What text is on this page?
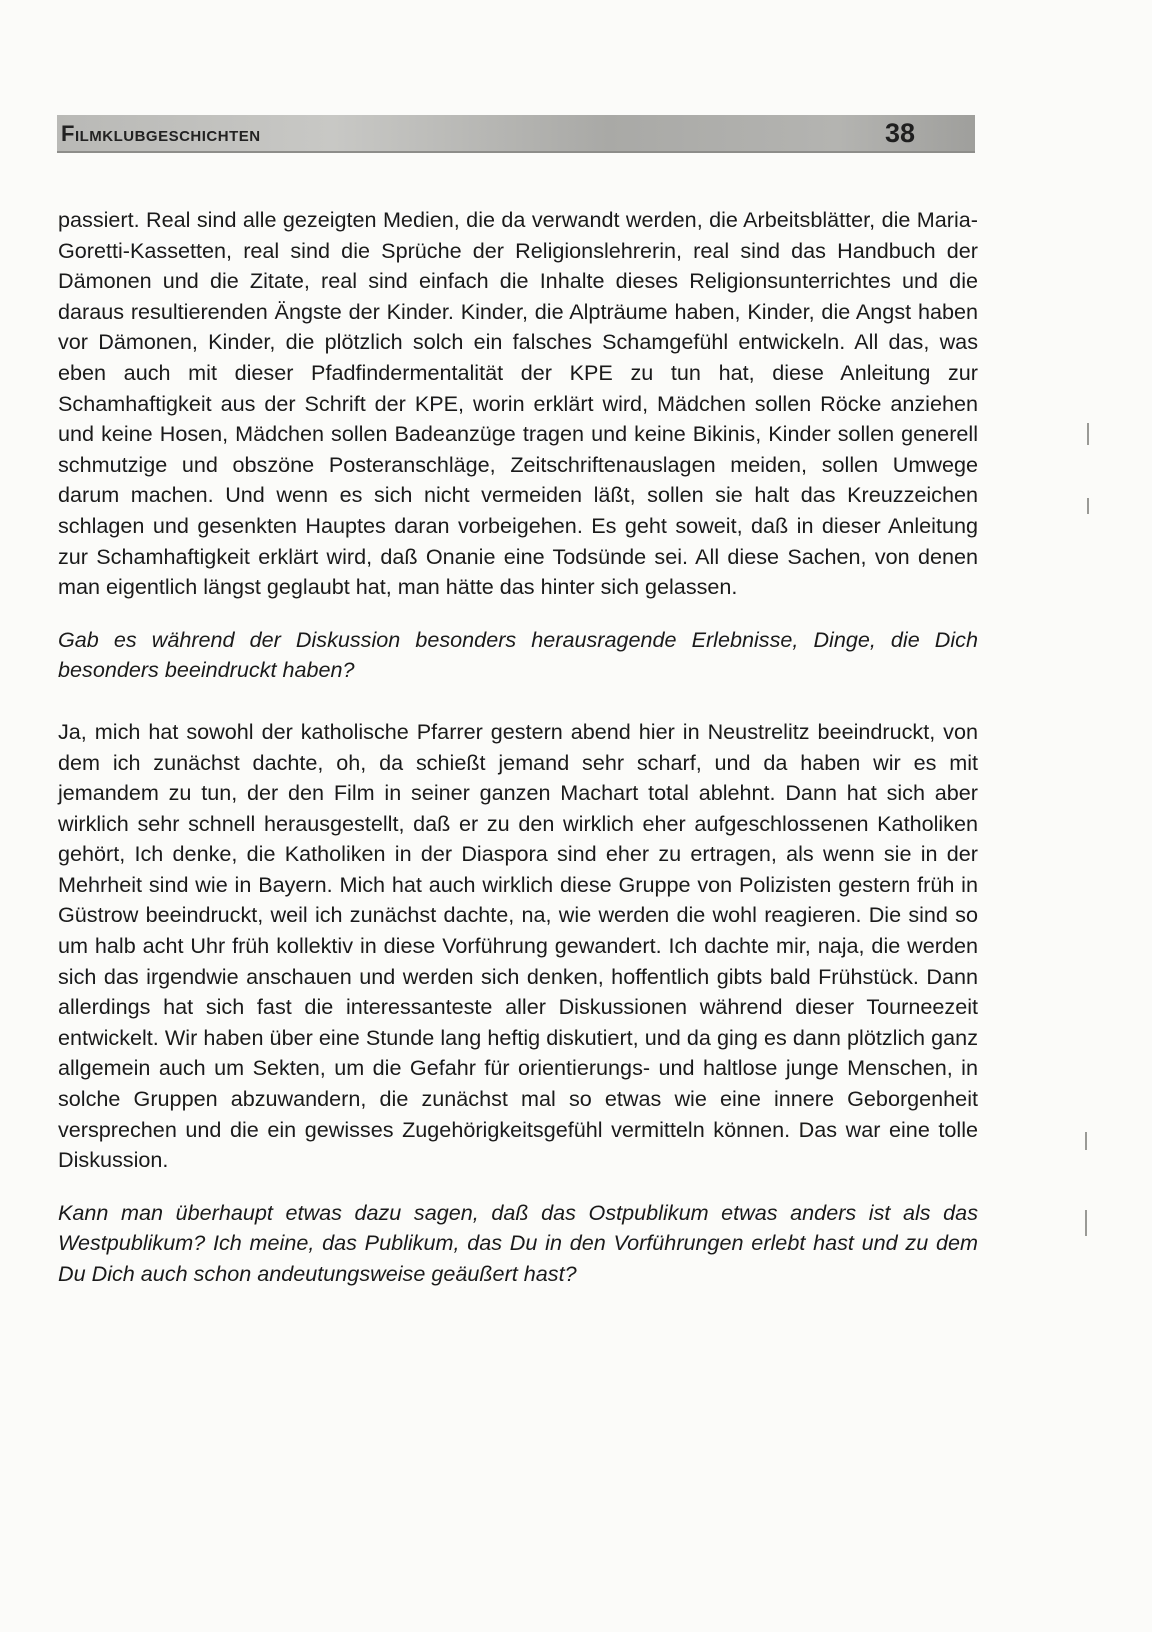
Filmklubgeschichten	38

passiert. Real sind alle gezeigten Medien, die da verwandt werden, die Arbeitsblätter, die Maria-Goretti-Kassetten, real sind die Sprüche der Religionslehrerin, real sind das Handbuch der Dämonen und die Zitate, real sind einfach die Inhalte dieses Religionsunterrichtes und die daraus resultierenden Ängste der Kinder. Kinder, die Alpträume haben, Kinder, die Angst haben vor Dämonen, Kinder, die plötzlich solch ein falsches Schamgefühl entwickeln. All das, was eben auch mit dieser Pfadfindermentalität der KPE zu tun hat, diese Anleitung zur Schamhaftigkeit aus der Schrift der KPE, worin erklärt wird, Mädchen sollen Röcke anziehen und keine Hosen, Mädchen sollen Badeanzüge tragen und keine Bikinis, Kinder sollen generell schmutzige und obszöne Posteranschläge, Zeitschriftenauslagen meiden, sollen Umwege darum machen. Und wenn es sich nicht vermeiden läßt, sollen sie halt das Kreuzzeichen schlagen und gesenkten Hauptes daran vorbeigehen. Es geht soweit, daß in dieser Anleitung zur Schamhaftigkeit erklärt wird, daß Onanie eine Todsünde sei. All diese Sachen, von denen man eigentlich längst geglaubt hat, man hätte das hinter sich gelassen.

Gab es während der Diskussion besonders herausragende Erlebnisse, Dinge, die Dich besonders beeindruckt haben?

Ja, mich hat sowohl der katholische Pfarrer gestern abend hier in Neustrelitz beeindruckt, von dem ich zunächst dachte, oh, da schießt jemand sehr scharf, und da haben wir es mit jemandem zu tun, der den Film in seiner ganzen Machart total ablehnt. Dann hat sich aber wirklich sehr schnell herausgestellt, daß er zu den wirklich eher aufgeschlossenen Katholiken gehört, Ich denke, die Katholiken in der Diaspora sind eher zu ertragen, als wenn sie in der Mehrheit sind wie in Bayern. Mich hat auch wirklich diese Gruppe von Polizisten gestern früh in Güstrow beeindruckt, weil ich zunächst dachte, na, wie werden die wohl reagieren. Die sind so um halb acht Uhr früh kollektiv in diese Vorführung gewandert. Ich dachte mir, naja, die werden sich das irgendwie anschauen und werden sich denken, hoffentlich gibts bald Frühstück. Dann allerdings hat sich fast die interessanteste aller Diskussionen während dieser Tourneezeit entwickelt. Wir haben über eine Stunde lang heftig diskutiert, und da ging es dann plötzlich ganz allgemein auch um Sekten, um die Gefahr für orientierungs- und haltlose junge Menschen, in solche Gruppen abzuwandern, die zunächst mal so etwas wie eine innere Geborgenheit versprechen und die ein gewisses Zugehörigkeitsgefühl vermitteln können. Das war eine tolle Diskussion.

Kann man überhaupt etwas dazu sagen, daß das Ostpublikum etwas anders ist als das Westpublikum? Ich meine, das Publikum, das Du in den Vorführungen erlebt hast und zu dem Du Dich auch schon andeutungsweise geäußert hast?
